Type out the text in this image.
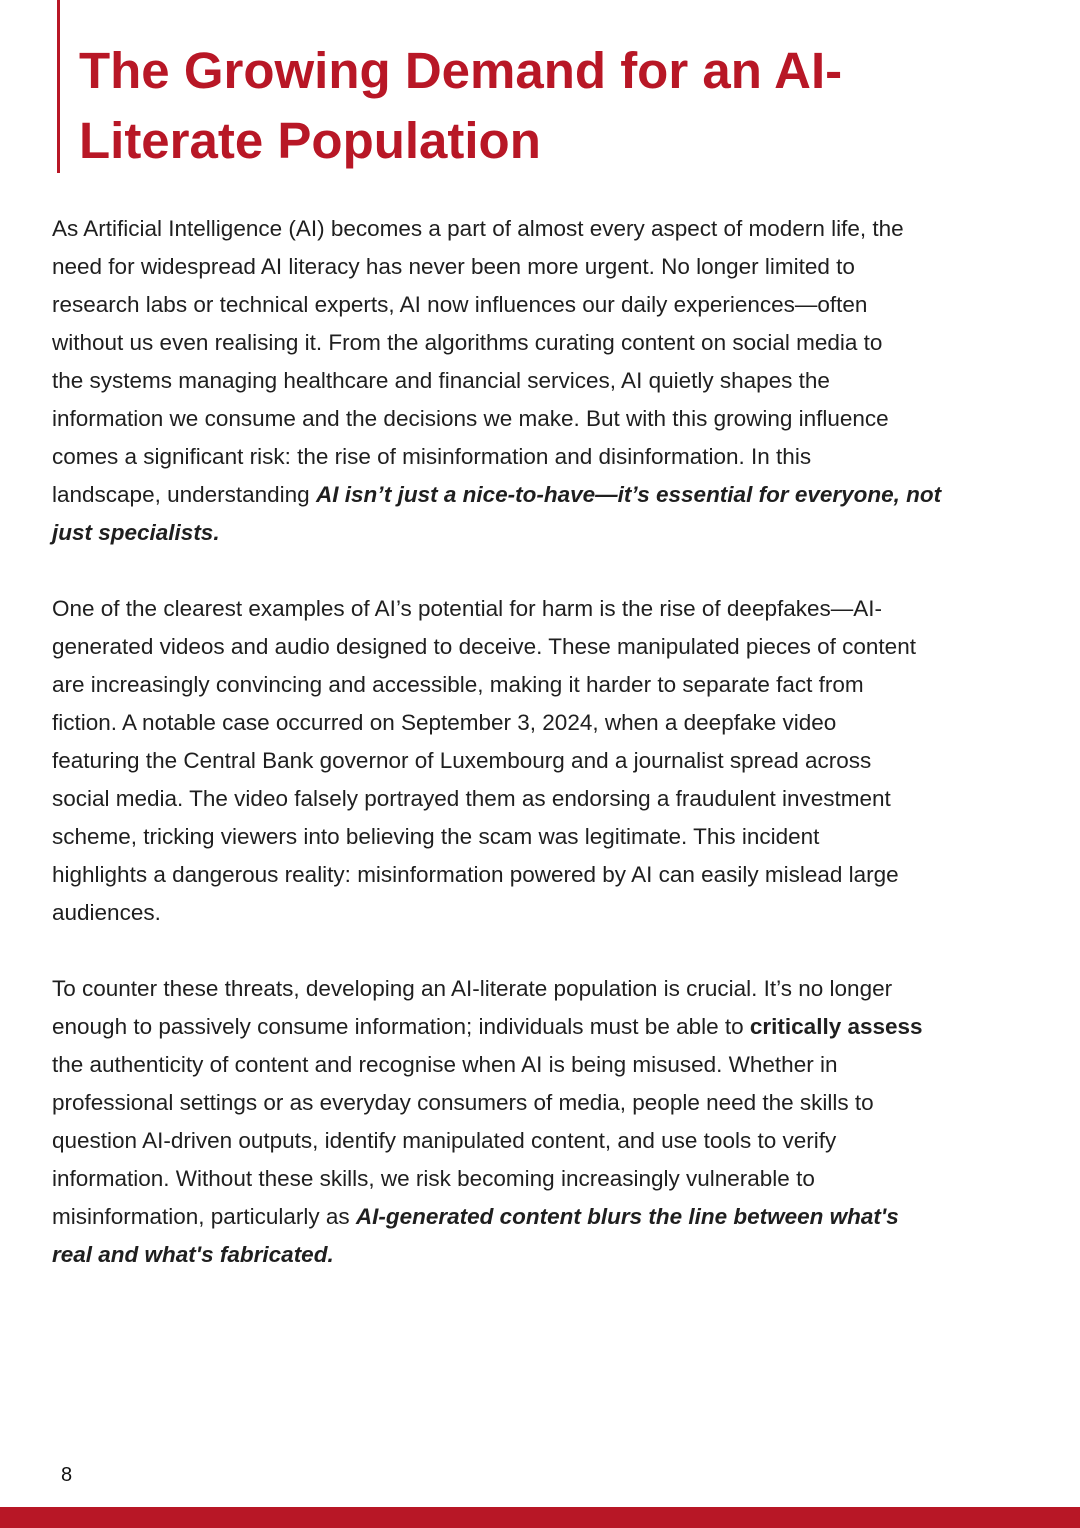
The Growing Demand for an AI-
Literate Population
As Artificial Intelligence (AI) becomes a part of almost every aspect of modern life, the
need for widespread AI literacy has never been more urgent. No longer limited to
research labs or technical experts, AI now influences our daily experiences—often
without us even realising it. From the algorithms curating content on social media to
the systems managing healthcare and financial services, AI quietly shapes the
information we consume and the decisions we make. But with this growing influence
comes a significant risk: the rise of misinformation and disinformation. In this
landscape, understanding AI isn’t just a nice-to-have—it’s essential for everyone, not
just specialists.
One of the clearest examples of AI’s potential for harm is the rise of deepfakes—AI-
generated videos and audio designed to deceive. These manipulated pieces of content
are increasingly convincing and accessible, making it harder to separate fact from
fiction. A notable case occurred on September 3, 2024, when a deepfake video
featuring the Central Bank governor of Luxembourg and a journalist spread across
social media. The video falsely portrayed them as endorsing a fraudulent investment
scheme, tricking viewers into believing the scam was legitimate. This incident
highlights a dangerous reality: misinformation powered by AI can easily mislead large
audiences.
To counter these threats, developing an AI-literate population is crucial. It’s no longer
enough to passively consume information; individuals must be able to critically assess
the authenticity of content and recognise when AI is being misused. Whether in
professional settings or as everyday consumers of media, people need the skills to
question AI-driven outputs, identify manipulated content, and use tools to verify
information. Without these skills, we risk becoming increasingly vulnerable to
misinformation, particularly as AI-generated content blurs the line between what's
real and what's fabricated.
8
